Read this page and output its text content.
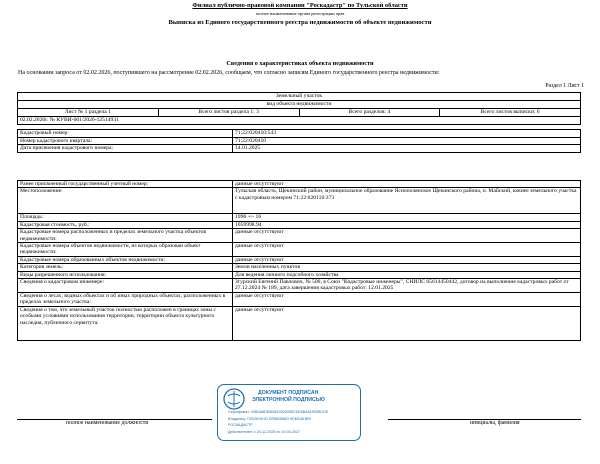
Филиал публично-правовой компании "Роскадастр" по Тульской области
полное наименование органа регистрации прав
Выписка из Единого государственного реестра недвижимости об объекте недвижимости
Сведения о характеристиках объекта недвижимости
На основании запроса от 02.02.2026, поступившего на рассмотрение 02.02.2026, сообщаем, что согласно записям Единого государственного реестра недвижимости:
Раздел 1 Лист 1
Земельный участок
вид объекта недвижимости
Лист № 1 раздела 1	Всего листов раздела 1: 3	Всего разделов: 4	Всего листов выписки: 6
02.02.2026г. № КУВИ-001/2026-12514931
Кадастровый номер:	71:22:020410:543
Номер кадастрового квартала:	71:22:020410
Дата присвоения кадастрового номера:	14.01.2025
Ранее присвоенный государственный учетный номер:	данные отсутствуют
Местоположение:	Тульская область, Щекинский район, муниципальное образование Яснополянское Щекинского района, п. Майский, южнее земельного участка с кадастровым номером 71:22:020110:373
Площадь:	1998 +/- 16
Кадастровая стоимость, руб.:	1059998.94
Кадастровые номера расположенных в пределах земельного участка объектов недвижимости:	данные отсутствуют
Кадастровые номера объектов недвижимости, из которых образован объект недвижимости:	данные отсутствуют
Кадастровые номера образованных объектов недвижимости:	данные отсутствуют
Категория земель:	Земли населенных пунктов
Виды разрешенного использования:	Для ведения личного подсобного хозяйства
Сведения о кадастровом инженере:	Згурский Евгений Павлович, № 500, в Союз "Кадастровые инженеры", СНИЛС 05614450442, договор на выполнение кадастровых работ от 27.12.2024 № 189, дата завершения кадастровых работ: 12.01.2025
Сведения о лесах, водных объектах и об иных природных объектах, расположенных в пределах земельного участка:	данные отсутствуют
Сведения о том, что земельный участок полностью расположен в границах зоны с особыми условиями использования территории, территории объекта культурного наследия, публичного сервитута:	данные отсутствуют
полное наименование должности	инициалы, фамилия
ДОКУМЕНТ ПОДПИСАН
ЭЛЕКТРОННОЙ ПОДПИСЬЮ
Сертификат: 00B0A8DE6BA5190000BCDE6BA51900BCDE
Владелец: ПУБЛИЧНО-ПРАВОВАЯ КОМПАНИЯ
РОСКАДАСТР
Действителен: с 24.12.2025 по 19.03.2027
